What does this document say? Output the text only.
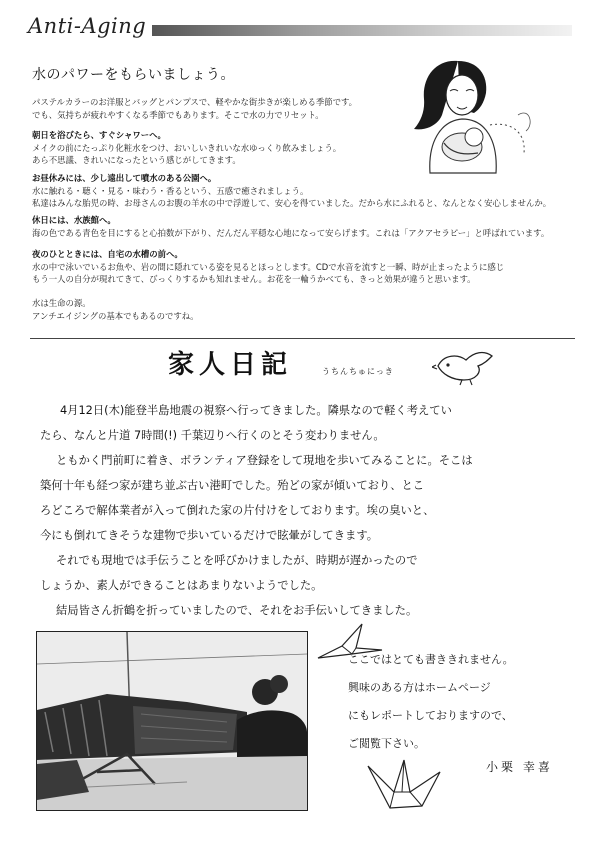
Anti-Aging
水のパワーをもらいましょう。

パステルカラーのお洋服とバッグとパンプスで、軽やかな街歩きが楽しめる季節です。

でも、気持ちが疲れやすくなる季節でもあります。そこで水の力でリセット。

朝日を浴びたら、すぐシャワーへ。

メイクの前にたっぷり化粧水をつけ、おいしいきれいな水ゆっくり飲みましょう。

あら不思議、きれいになったという感じがしてきます。

お昼休みには、少し遠出して噴水のある公園へ。

水に触れる・聴く・見る・味わう・香るという、五感で癒されましょう。

私達はみんな胎児の時、お母さんのお腹の羊水の中で浮遊して、安心を得ていました。だから水にふれると、なんとなく安心しませんか。

休日には、水族館へ。

海の色である青色を目にすると心拍数が下がり、だんだん平穏な心地になって安らげます。これは「アクアセラピー」と呼ばれています。

夜のひとときには、自宅の水槽の前へ。

水の中で泳いでいるお魚や、岩の間に隠れている姿を見るとほっとします。CDで水音を流すと一瞬、時が止まったように感じ

もう一人の自分が現れてきて、びっくりするかも知れません。お花を一輪うかべても、きっと効果が違うと思います。

水は生命の源。

アンチエイジングの基本でもあるのですね。

家人日記	うちんちゅにっき

4月12日(木)能登半島地震の視察へ行ってきました。隣県なので軽く考えてい

たら、なんと片道 7時間(!) 千葉辺りへ行くのとそう変わりません。

ともかく門前町に着き、ボランティア登録をして現地を歩いてみることに。そこは

築何十年も経つ家が建ち並ぶ古い港町でした。殆どの家が傾いており、とこ

ろどころで解体業者が入って倒れた家の片付けをしております。埃の臭いと、

今にも倒れてきそうな建物で歩いているだけで眩暈がしてきます。

それでも現地では手伝うことを呼びかけましたが、時期が遅かったので

しょうか、素人ができることはあまりないようでした。

結局皆さん折鶴を折っていましたので、それをお手伝いしてきました。

ここではとても書ききれません。

興味のある方はホームページ

にもレポートしておりますので、

ご閲覧下さい。

小栗 幸喜
